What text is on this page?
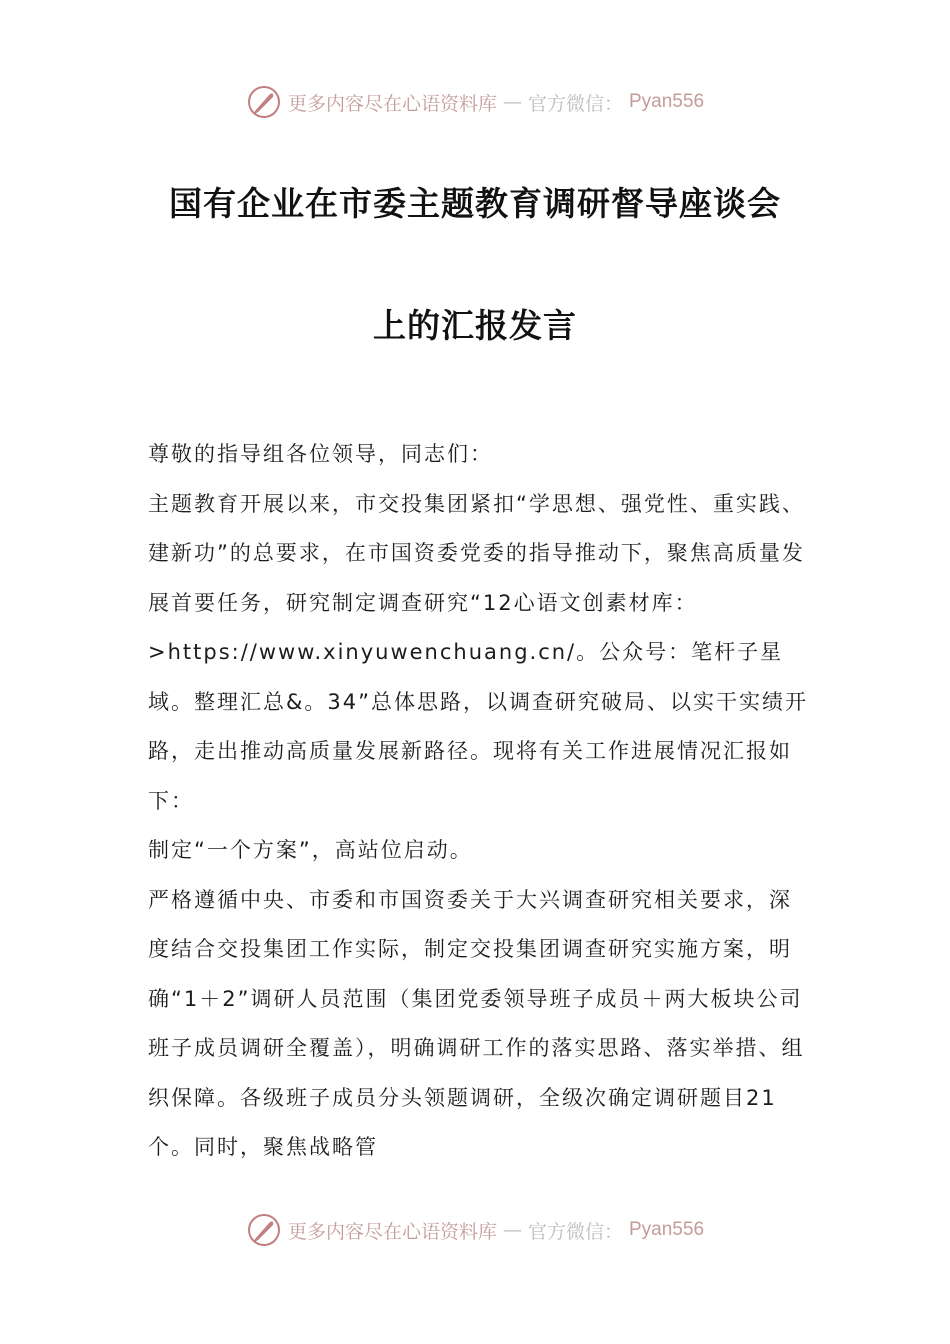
更多内容尽在心语资料库 — 官方微信： Pyan556
国有企业在市委主题教育调研督导座谈会
上的汇报发言

尊敬的指导组各位领导，同志们：

主题教育开展以来，市交投集团紧扣“学思想、强党性、重实践、建新功”的总要求，在市国资委党委的指导推动下，聚焦高质量发展首要任务，研究制定调查研究“12心语文创素材库：>https://www.xinyuwenchuang.cn/。公众号：笔杆子星域。整理汇总&。34”总体思路，以调查研究破局、以实干实绩开路，走出推动高质量发展新路径。现将有关工作进展情况汇报如下：

制定“一个方案”，高站位启动。

严格遵循中央、市委和市国资委关于大兴调查研究相关要求，深度结合交投集团工作实际，制定交投集团调查研究实施方案，明确“1＋2”调研人员范围（集团党委领导班子成员＋两大板块公司班子成员调研全覆盖），明确调研工作的落实思路、落实举措、组织保障。各级班子成员分头领题调研，全级次确定调研题目21个。同时，聚焦战略管

更多内容尽在心语资料库 — 官方微信： Pyan556
